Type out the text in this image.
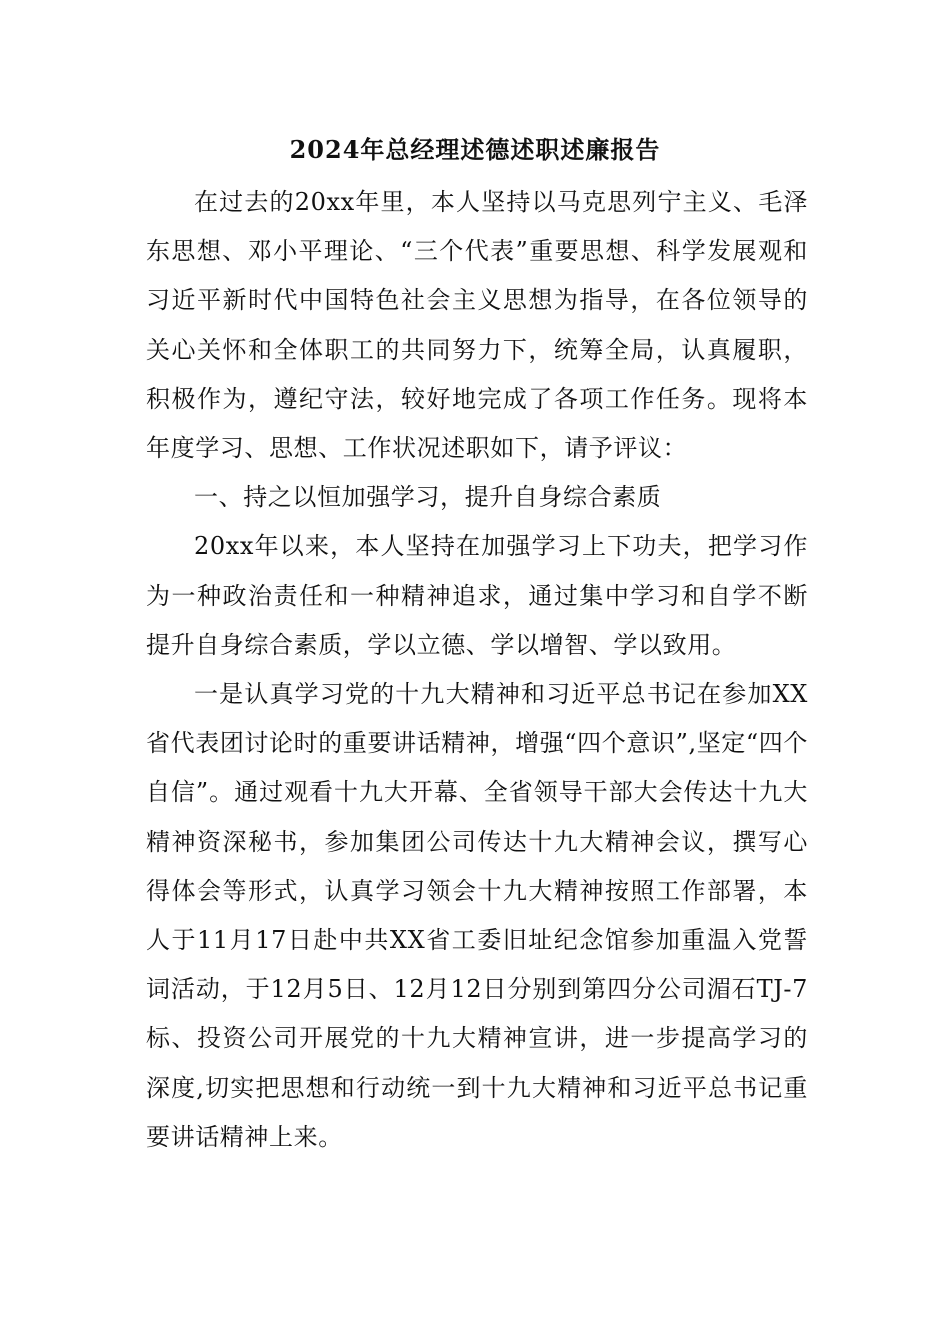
2024年总经理述德述职述廉报告

在过去的20xx年里，本人坚持以马克思列宁主义、毛泽东思想、邓小平理论、“三个代表”重要思想、科学发展观和习近平新时代中国特色社会主义思想为指导，在各位领导的关心关怀和全体职工的共同努力下，统筹全局，认真履职，积极作为，遵纪守法，较好地完成了各项工作任务。现将本年度学习、思想、工作状况述职如下，请予评议：

一、持之以恒加强学习，提升自身综合素质

20xx年以来，本人坚持在加强学习上下功夫，把学习作为一种政治责任和一种精神追求，通过集中学习和自学不断提升自身综合素质，学以立德、学以增智、学以致用。

一是认真学习党的十九大精神和习近平总书记在参加XX省代表团讨论时的重要讲话精神，增强“四个意识”,坚定“四个自信”。通过观看十九大开幕、全省领导干部大会传达十九大精神资深秘书，参加集团公司传达十九大精神会议，撰写心得体会等形式，认真学习领会十九大精神按照工作部署，本人于11月17日赴中共XX省工委旧址纪念馆参加重温入党誓词活动，于12月5日、12月12日分别到第四分公司湄石TJ-7标、投资公司开展党的十九大精神宣讲，进一步提高学习的深度,切实把思想和行动统一到十九大精神和习近平总书记重要讲话精神上来。
